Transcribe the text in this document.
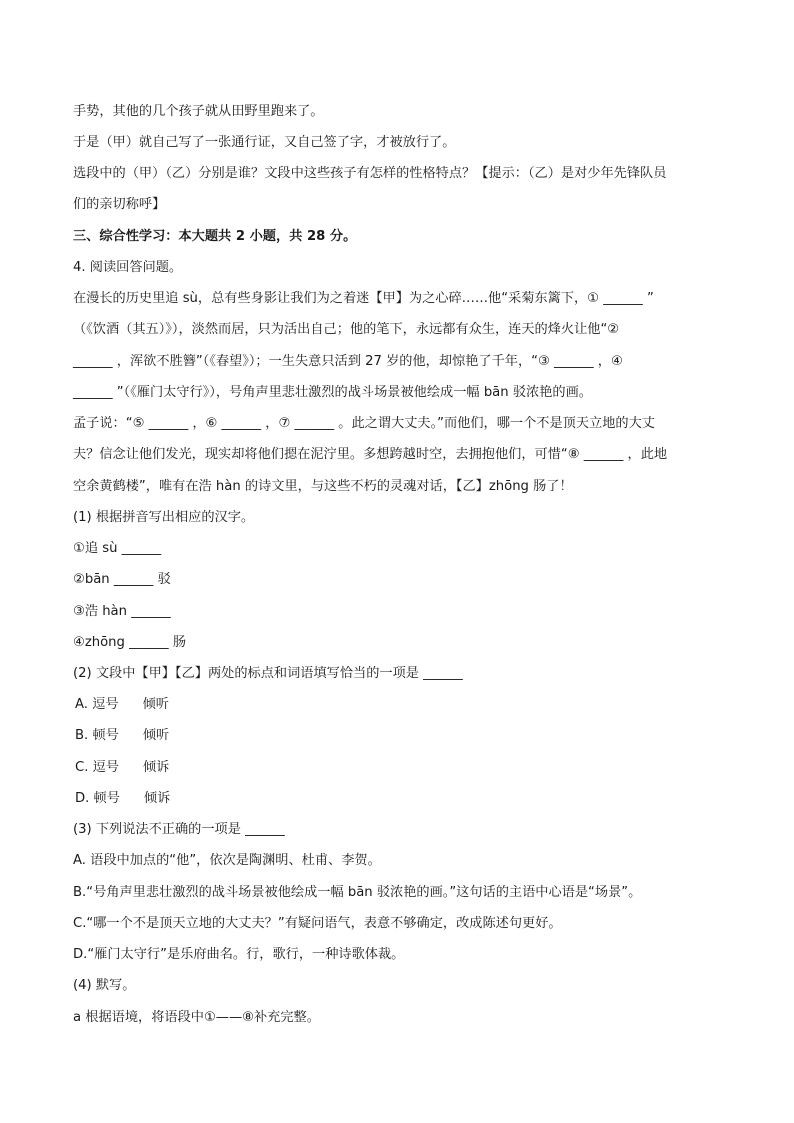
手势，其他的几个孩子就从田野里跑来了。
于是（甲）就自己写了一张通行证，又自己签了字，才被放行了。
选段中的（甲）（乙）分别是谁？文段中这些孩子有怎样的性格特点？【提示：（乙）是对少年先锋队员
们的亲切称呼】
三、综合性学习：本大题共 2 小题，共 28 分。
4. 阅读回答问题。
在漫长的历史里追 sù，总有些身影让我们为之着迷【甲】为之心碎……他“采菊东篱下，① ______ ”
（《饮酒（其五）》），淡然而居，只为活出自己；他的笔下，永远都有众生，连天的烽火让他“②
______ ，浑欲不胜簪”（《春望》）；一生失意只活到 27 岁的他，却惊艳了千年，“③ ______ ，④
______ ”（《雁门太守行》），号角声里悲壮激烈的战斗场景被他绘成一幅 bān 驳浓艳的画。
孟子说：“⑤ ______ ，⑥ ______ ，⑦ ______ 。此之谓大丈夫。”而他们，哪一个不是顶天立地的大丈
夫？信念让他们发光，现实却将他们摁在泥泞里。多想跨越时空，去拥抱他们，可惜“⑧ ______ ，此地
空余黄鹤楼”，唯有在浩 hàn 的诗文里，与这些不朽的灵魂对话，【乙】zhōng 肠了！
(1) 根据拼音写出相应的汉字。
①追 sù ______
②bān ______ 驳
③浩 hàn ______
④zhōng ______ 肠
(2) 文段中【甲】【乙】两处的标点和词语填写恰当的一项是 ______
A. 逗号 倾听
B. 顿号 倾听
C. 逗号 倾诉
D. 顿号 倾诉
(3) 下列说法不正确的一项是 ______
A. 语段中加点的“他”，依次是陶渊明、杜甫、李贺。
B.“号角声里悲壮激烈的战斗场景被他绘成一幅 bān 驳浓艳的画。”这句话的主语中心语是“场景”。
C.“哪一个不是顶天立地的大丈夫？”有疑问语气，表意不够确定，改成陈述句更好。
D.“雁门太守行”是乐府曲名。行，歌行，一种诗歌体裁。
(4) 默写。
a 根据语境，将语段中①——⑧补充完整。
